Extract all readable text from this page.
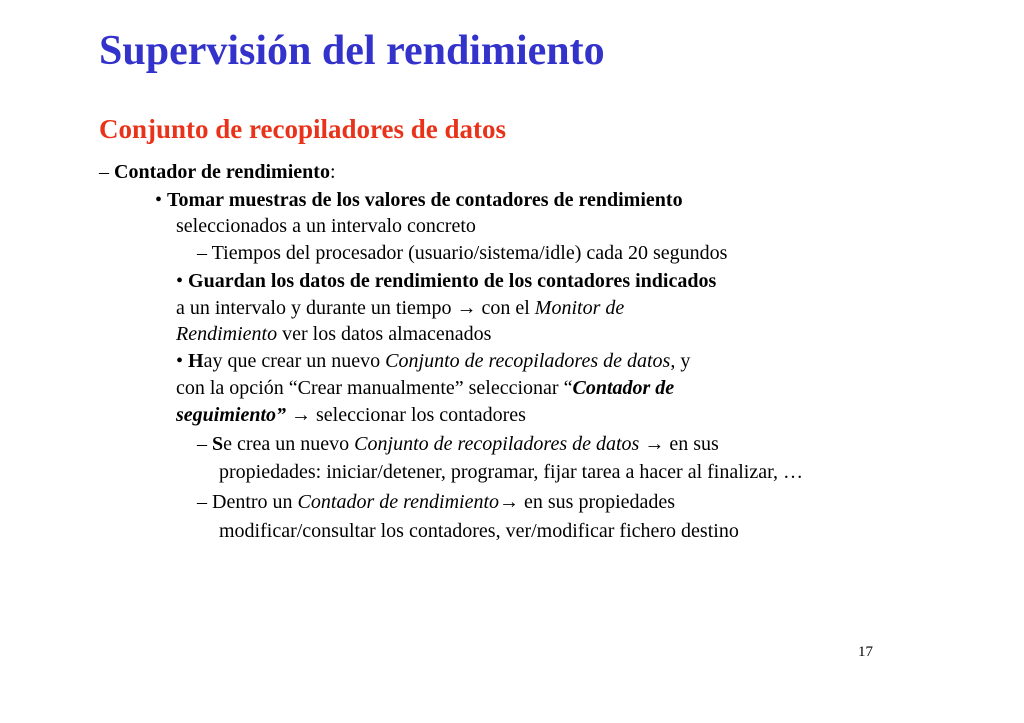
Supervisión del rendimiento
Conjunto de recopiladores de datos
– Contador de rendimiento:
• Tomar muestras de los valores de contadores de rendimiento
seleccionados a un intervalo concreto
– Tiempos del procesador (usuario/sistema/idle) cada 20 segundos
• Guardan los datos de rendimiento de los contadores indicados
a un intervalo y durante un tiempo → con el Monitor de
Rendimiento ver los datos almacenados
• Hay que crear un nuevo Conjunto de recopiladores de datos, y
con la opción “Crear manualmente” seleccionar “Contador de
seguimiento” → seleccionar los contadores
– Se crea un nuevo Conjunto de recopiladores de datos → en sus
propiedades: iniciar/detener, programar, fijar tarea a hacer al finalizar, …
– Dentro un Contador de rendimiento→ en sus propiedades
modificar/consultar los contadores, ver/modificar fichero destino
17
